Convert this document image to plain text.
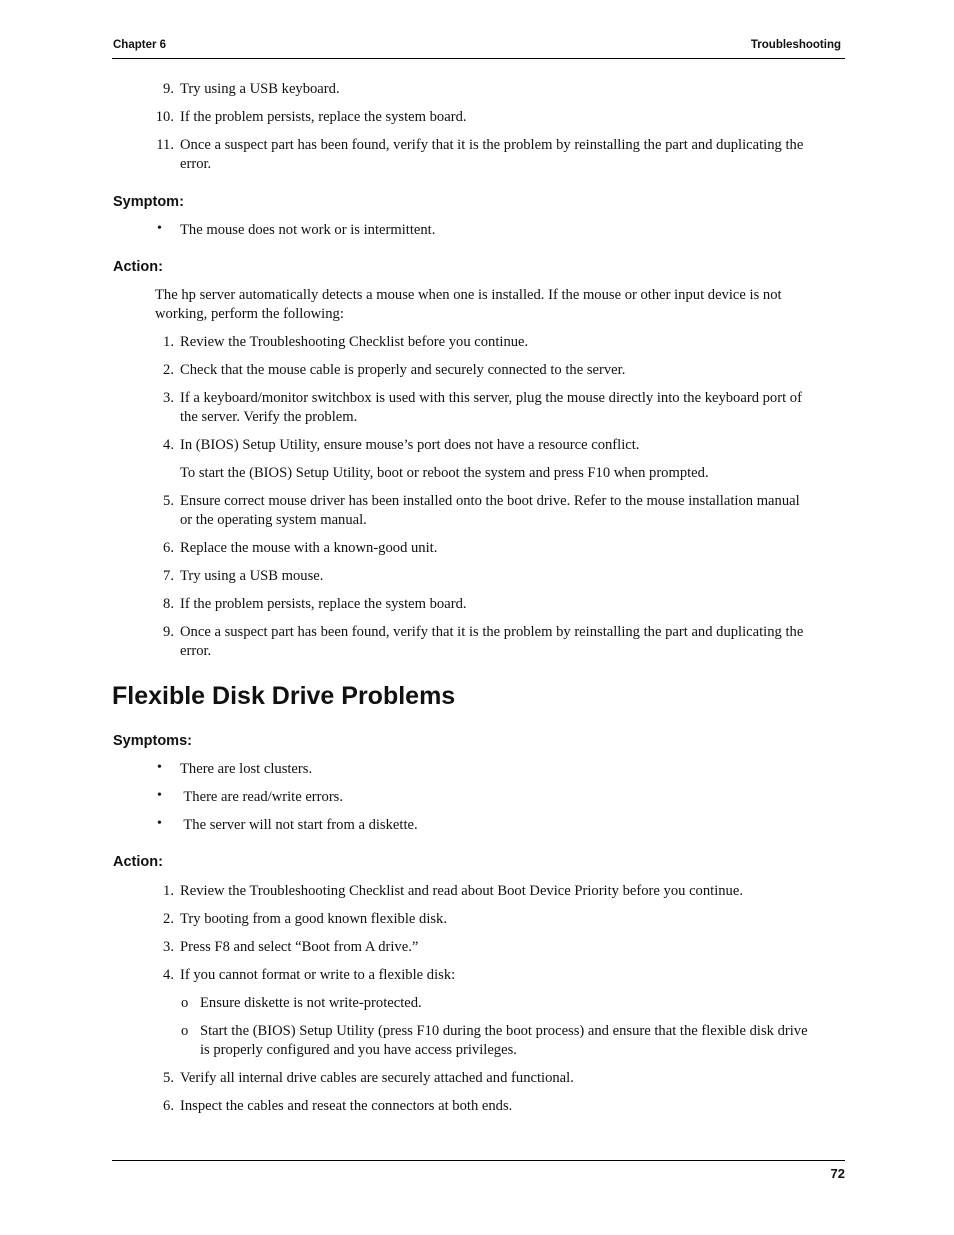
Chapter 6	Troubleshooting
9. Try using a USB keyboard.
10. If the problem persists, replace the system board.
11. Once a suspect part has been found, verify that it is the problem by reinstalling the part and duplicating the
error.
Symptom:
• The mouse does not work or is intermittent.
Action:
The hp server automatically detects a mouse when one is installed. If the mouse or other input device is not
working, perform the following:
1. Review the Troubleshooting Checklist before you continue.
2. Check that the mouse cable is properly and securely connected to the server.
3. If a keyboard/monitor switchbox is used with this server, plug the mouse directly into the keyboard port of
the server. Verify the problem.
4. In (BIOS) Setup Utility, ensure mouse’s port does not have a resource conflict.
To start the (BIOS) Setup Utility, boot or reboot the system and press F10 when prompted.
5. Ensure correct mouse driver has been installed onto the boot drive. Refer to the mouse installation manual
or the operating system manual.
6. Replace the mouse with a known-good unit.
7. Try using a USB mouse.
8. If the problem persists, replace the system board.
9. Once a suspect part has been found, verify that it is the problem by reinstalling the part and duplicating the
error.
Flexible Disk Drive Problems
Symptoms:
• There are lost clusters.
• There are read/write errors.
• The server will not start from a diskette.
Action:
1. Review the Troubleshooting Checklist and read about Boot Device Priority before you continue.
2. Try booting from a good known flexible disk.
3. Press F8 and select “Boot from A drive.”
4. If you cannot format or write to a flexible disk:
o Ensure diskette is not write-protected.
o Start the (BIOS) Setup Utility (press F10 during the boot process) and ensure that the flexible disk drive
is properly configured and you have access privileges.
5. Verify all internal drive cables are securely attached and functional.
6. Inspect the cables and reseat the connectors at both ends.
72
